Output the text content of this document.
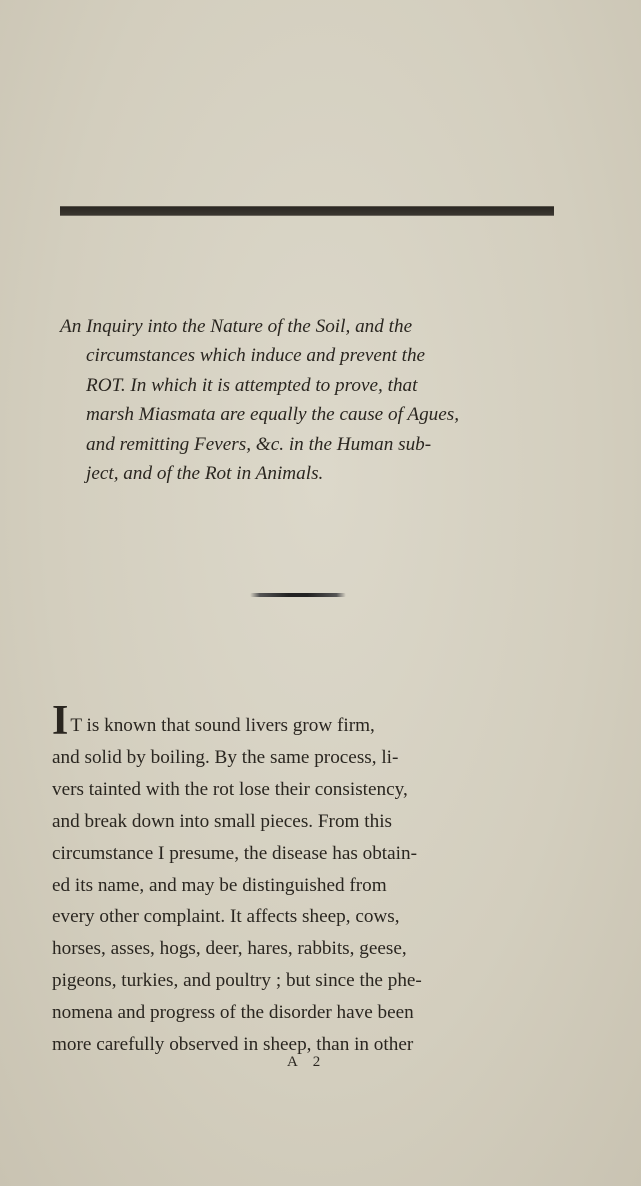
An Inquiry into the Nature of the Soil, and the
circumstances which induce and prevent the
ROT. In which it is attempted to prove, that
marsh Miasmata are equally the cause of Agues,
and remitting Fevers, &c. in the Human sub-
ject, and of the Rot in Animals.
I T is known that sound livers grow firm,
and solid by boiling. By the same process, li-
vers tainted with the rot lose their consistency,
and break down into small pieces. From this
circumstance I presume, the disease has obtain-
ed its name, and may be distinguished from
every other complaint. It affects sheep, cows,
horses, asses, hogs, deer, hares, rabbits, geese,
pigeons, turkies, and poultry ; but since the phe-
nomena and progress of the disorder have been
more carefully observed in sheep, than in other
A 2
